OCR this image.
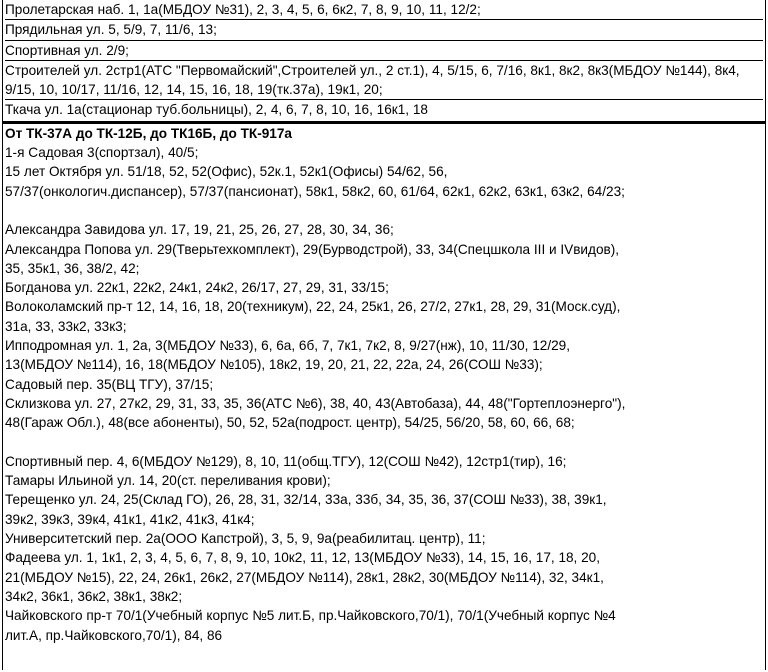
Пролетарская наб. 1, 1а(МБДОУ №31), 2, 3, 4, 5, 6, 6к2, 7, 8, 9, 10, 11, 12/2;
Прядильная ул. 5, 5/9, 7, 11/6, 13;
Спортивная ул. 2/9;
Строителей ул. 2стр1(АТС "Первомайский",Строителей ул., 2 ст.1), 4, 5/15, 6, 7/16, 8к1, 8к2, 8к3(МБДОУ №144), 8к4, 9/15, 10, 10/17, 11/16, 12, 14, 15, 16, 18, 19(тк.37а), 19к1, 20;
Ткача ул. 1а(стационар туб.больницы), 2, 4, 6, 7, 8, 10, 16, 16к1, 18
От ТК-37А до ТК-12Б, до ТК16Б, до ТК-917а
1-я Садовая 3(спортзал), 40/5;
15 лет Октября ул. 51/18, 52, 52(Офис), 52к.1, 52к1(Офисы) 54/62, 56,
57/37(онкологич.диспансер), 57/37(пансионат), 58к1, 58к2, 60, 61/64, 62к1, 62к2, 63к1, 63к2, 64/23;

Александра Завидова ул. 17, 19, 21, 25, 26, 27, 28, 30, 34, 36;
Александра Попова ул. 29(Тверьтехкомплект), 29(Бурводстрой), 33, 34(Спецшкола III и IVвидов),
35, 35к1, 36, 38/2, 42;
Богданова ул. 22к1, 22к2, 24к1, 24к2, 26/17, 27, 29, 31, 33/15;
Волоколамский пр-т 12, 14, 16, 18, 20(техникум), 22, 24, 25к1, 26, 27/2, 27к1, 28, 29, 31(Моск.суд),
31а, 33, 33к2, 33к3;
Ипподромная ул. 1, 2а, 3(МБДОУ №33), 6, 6а, 6б, 7, 7к1, 7к2, 8, 9/27(нж), 10, 11/30, 12/29,
13(МБДОУ №114), 16, 18(МБДОУ №105), 18к2, 19, 20, 21, 22, 22а, 24, 26(СОШ №33);
Садовый пер. 35(ВЦ ТГУ), 37/15;
Склизкова ул. 27, 27к2, 29, 31, 33, 35, 36(АТС №6), 38, 40, 43(Автобаза), 44, 48("Гортеплоэнерго"),
48(Гараж Обл.), 48(все абоненты), 50, 52, 52а(подрост. центр), 54/25, 56/20, 58, 60, 66, 68;

Спортивный пер. 4, 6(МБДОУ №129), 8, 10, 11(общ.ТГУ), 12(СОШ №42), 12стр1(тир), 16;
Тамары Ильиной ул. 14, 20(ст. переливания крови);
Терещенко ул. 24, 25(Склад ГО), 26, 28, 31, 32/14, 33а, 33б, 34, 35, 36, 37(СОШ №33), 38, 39к1,
39к2, 39к3, 39к4, 41к1, 41к2, 41к3, 41к4;
Университетский пер. 2а(ООО Капстрой), 3, 5, 9, 9а(реабилитац. центр), 11;
Фадеева ул. 1, 1к1, 2, 3, 4, 5, 6, 7, 8, 9, 10, 10к2, 11, 12, 13(МБДОУ №33), 14, 15, 16, 17, 18, 20,
21(МБДОУ №15), 22, 24, 26к1, 26к2, 27(МБДОУ №114), 28к1, 28к2, 30(МБДОУ №114), 32, 34к1,
34к2, 36к1, 36к2, 38к1, 38к2;
Чайковского пр-т 70/1(Учебный корпус №5 лит.Б, пр.Чайковского,70/1), 70/1(Учебный корпус №4
лит.А, пр.Чайковского,70/1), 84, 86
